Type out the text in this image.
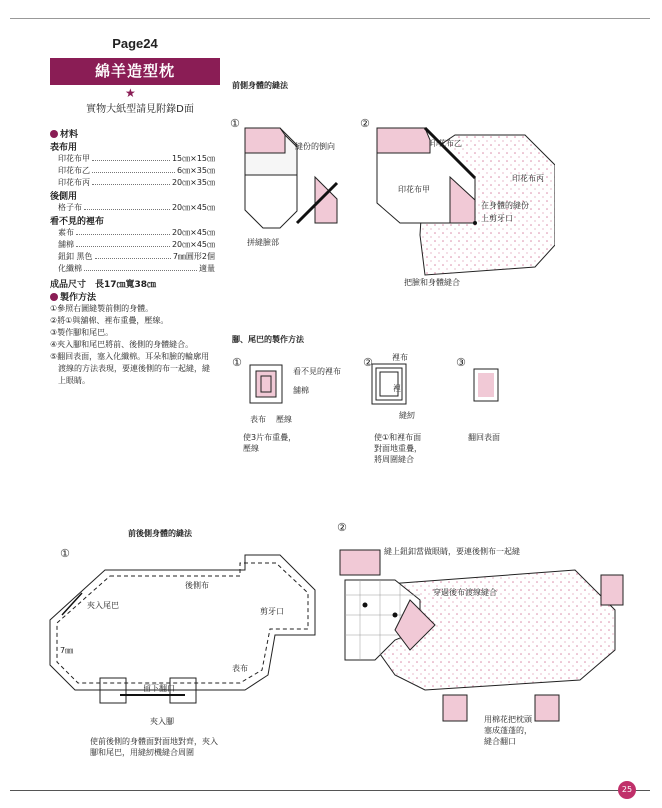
Page24
綿羊造型枕
★
實物大紙型請見附錄D面
材料
表布用
印花布甲	15㎝×15㎝
印花布乙	6㎝×35㎝
印花布丙	20㎝×35㎝
後側用
格子布	20㎝×45㎝
看不見的裡布
素布	20㎝×45㎝
舖棉	20㎝×45㎝
鈕釦 黑色	7㎜圓形2個
化纖棉	適量
成品尺寸　長17㎝寬38㎝
製作方法
①參照右圖縫製前側的身體。
②將①與舖棉、裡布重疊，壓線。
③製作腳和尾巴。
④夾入腳和尾巴將前、後側的身體縫合。
⑤翻回表面，塞入化纖棉。耳朵和臉的輪廓用
渡線的方法表現，要連後側的布一起縫，縫
上眼睛。
前側身體的縫法
①	②
縫份的倒向
拼縫臉部
印花布乙
印花布甲
印花布丙
在身體的縫份
上剪牙口
把臉和身體縫合
腳、尾巴的製作方法
①	②	③
看不見的裡布
舖棉
表布 壓線
裡布
裡
縫紉
使3片布重疊，
壓線
使①和裡布面
對面地重疊，
將周圍縫合
翻回表面
前後側身體的縫法
①
後側布
夾入尾巴
7㎜
剪牙口
表布
留下翻口
夾入腳
使前後側的身體面對面地對齊，夾入
腳和尾巴，用縫紉機縫合周圍
②
縫上鈕釦當做眼睛，要連後側布一起縫
穿過後布渡線縫合
用棉花把枕頭
塞成蓬蓬的，
縫合翻口
25
